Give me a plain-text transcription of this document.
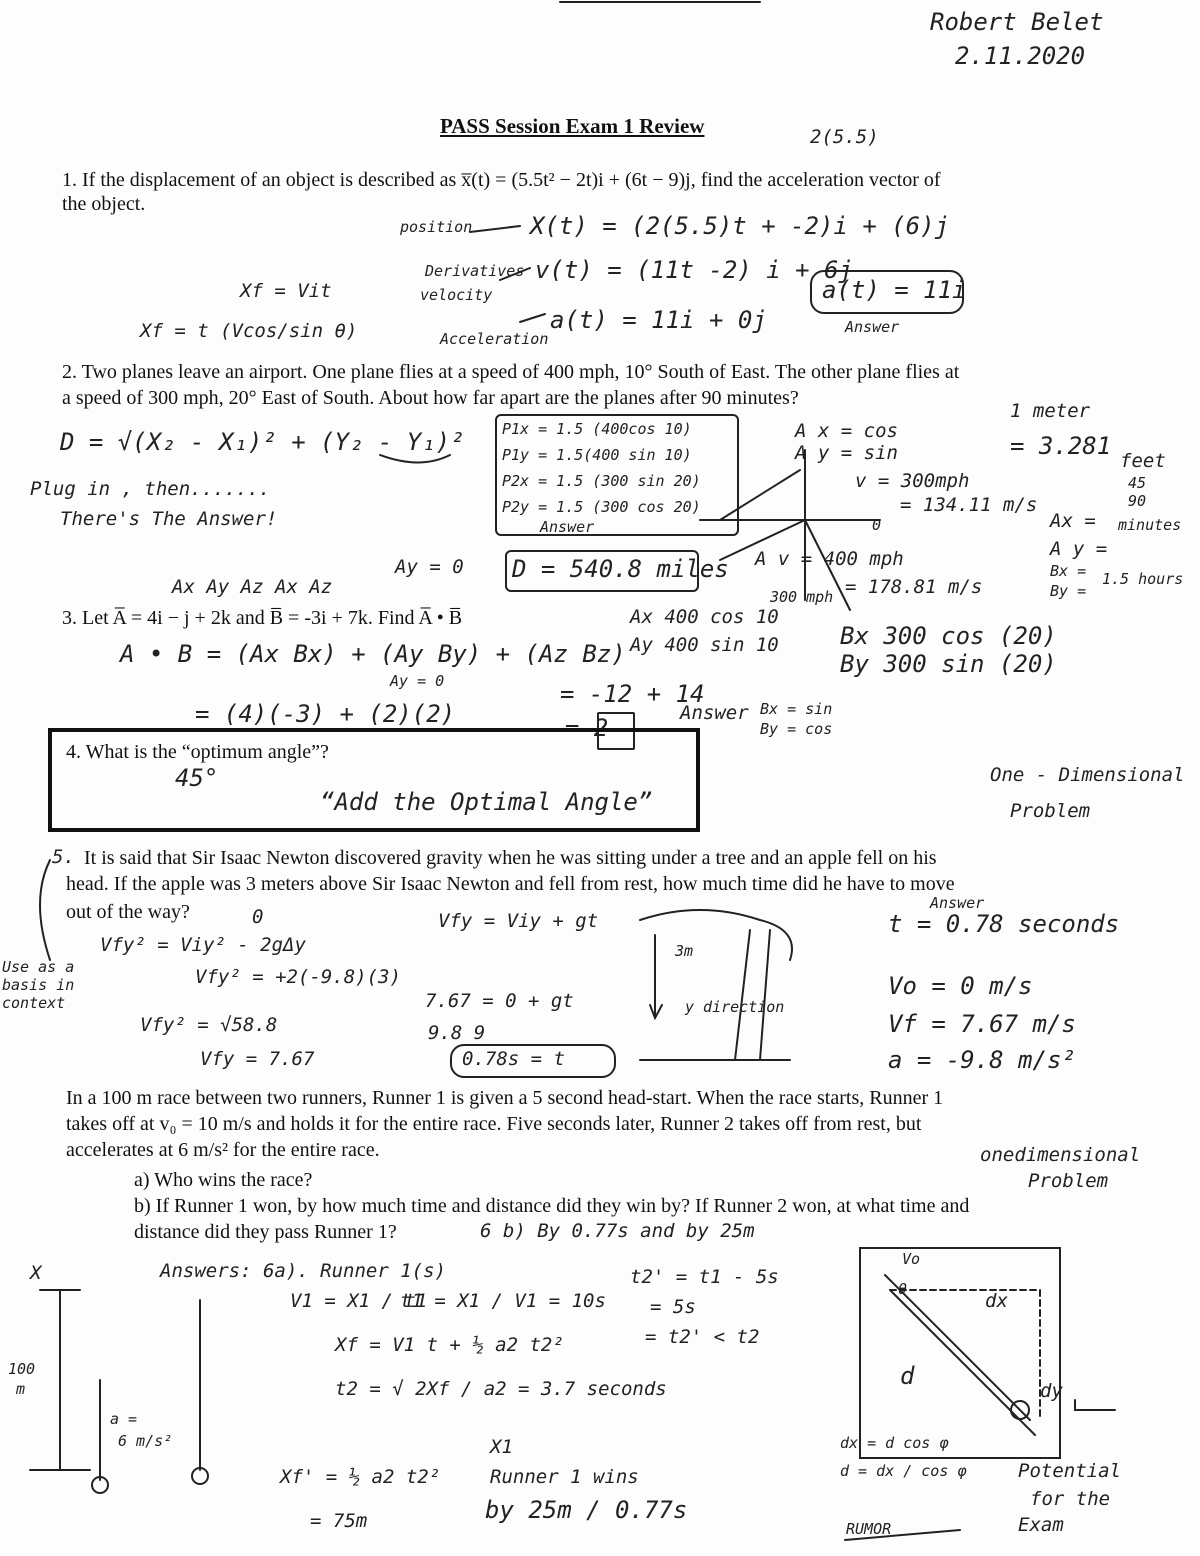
Robert Belet
2.11.2020
PASS Session Exam 1 Review	2(5.5)
1. If the displacement of an object is described as x̅(t) = (5.5t² − 2t)i + (6t − 9)j, find the acceleration vector of
the object.
position X(t) = (2(5.5)t + -2)i + (6)j
Derivatives
velocity
Acceleration
v(t) = (11t -2) i + 6j
a(t) = 11i + 0j
a(t) = 11i
Answer
Xf = Vit
Xf = t (Vcos/sin θ)
2. Two planes leave an airport. One plane flies at a speed of 400 mph, 10° South of East. The other plane flies at
a speed of 300 mph, 20° East of South. About how far apart are the planes after 90 minutes?
D = √(X₂ - X₁)² + (Y₂ - Y₁)²
Plug in , then.......
There's The Answer!
P1x = 1.5 (400cos 10)
P1y = 1.5(400 sin 10)
P2x = 1.5 (300 sin 20)
P2y = 1.5 (300 cos 20)
Answer
D = 540.8 miles
A x = cos
A y = sin
v = 300mph
= 134.11 m/s
1 meter
= 3.281
feet
45
90
Ax = minutes
A y =
Bx = 1.5 hours
By =
A v = 400 mph
= 178.81 m/s
300 mph
0
Ax Ay Az Ax Az
Ay = 0
3. Let A̅ = 4i − j + 2k and B̅ = -3i + 7k. Find A̅ • B̅
A • B = (Ax Bx) + (Ay By) + (Az Bz)
Ay = 0
= (4)(-3) + (2)(2)
= -12 + 14
= 2
Ax 400 cos 10
Ay 400 sin 10	Bx 300 cos (20)
By 300 sin (20)
Answer Bx = sin
By = cos
4. What is the “optimum angle”?
45°
“Add the Optimal Angle”
One - Dimensional
Problem
5. It is said that Sir Isaac Newton discovered gravity when he was sitting under a tree and an apple fell on his
head. If the apple was 3 meters above Sir Isaac Newton and fell from rest, how much time did he have to move
out of the way?	Answer
t = 0.78 seconds
0	Vfy = Viy + gt
Vfy² = Viy² - 2gΔy
Vfy² = +2(-9.8)(3)
Vfy² = √58.8
Vfy = 7.67
7.67 = 0 + gt
9.8 9
0.78s = t
Use as a basis in context
3m
y direction
Vo = 0 m/s
Vf = 7.67 m/s
a = -9.8 m/s²
In a 100 m race between two runners, Runner 1 is given a 5 second head-start. When the race starts, Runner 1
takes off at v₀ = 10 m/s and holds it for the entire race. Five seconds later, Runner 2 takes off from rest, but
accelerates at 6 m/s² for the entire race.	onedimensional
a) Who wins the race?	Problem
b) If Runner 1 won, by how much time and distance did they win by? If Runner 2 won, at what time and
distance did they pass Runner 1?	6 b) By 0.77s and by 25m
Answers: 6a). Runner 1(s)
V1 = X1 / t1
t1 = X1 / V1 = 10s
t2' = t1 - 5s
= 5s
= t2' < t2
Xf = V1 t + ½ a2 t2²
t2 = √ 2Xf / a2 = 3.7 seconds
X1
Xf' = ½ a2 t2²
= 75m
Runner 1 wins
by 25m / 0.77s
X
100
m
a =
6 m/s²
Vo
θ
dx
d
dy
dx = d cos φ
d = dx / cos φ
RUMOR
Potential
for the
Exam
